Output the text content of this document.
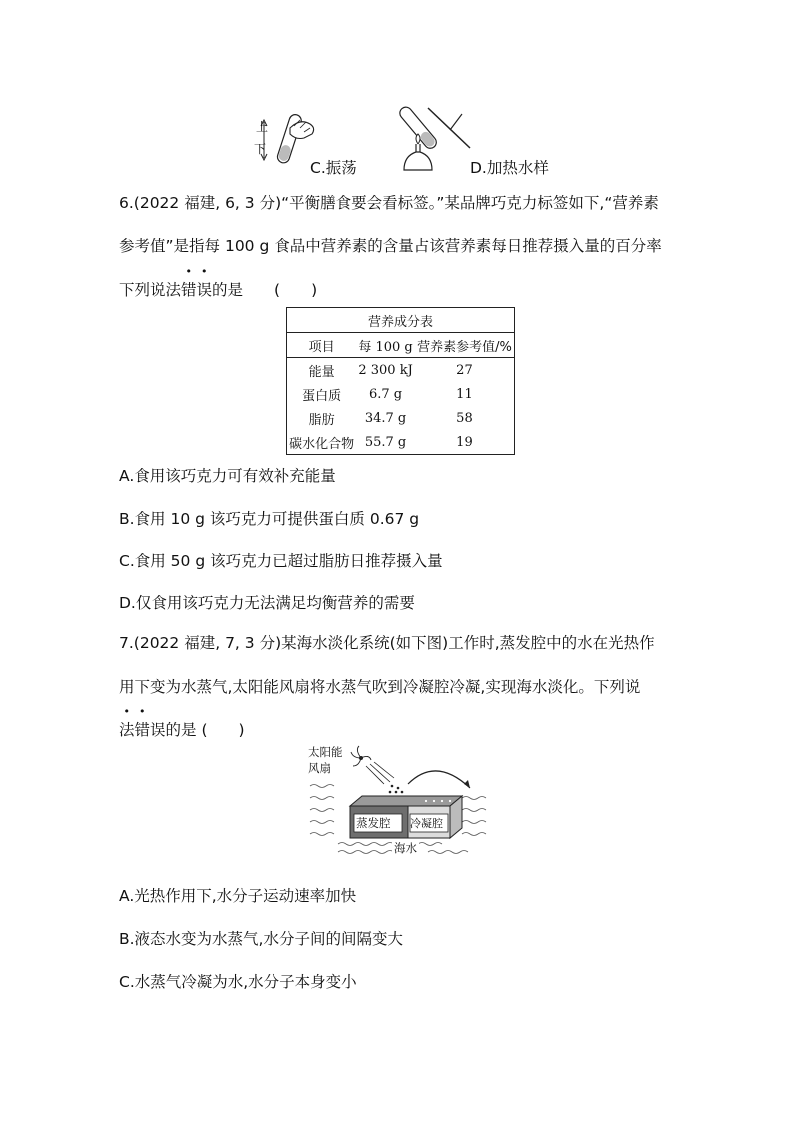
上
下
C.振荡	D.加热水样
6.(2022 福建, 6, 3 分)“平衡膳食要会看标签。”某品牌巧克力标签如下,“营养素
参考值”是指每 100 g 食品中营养素的含量占该营养素每日推荐摄入量的百分率
下列说法错误的是　　(　　)
营养成分表		
项目	每 100 g	营养素参考值/%
能量	2 300 kJ	27
蛋白质	6.7 g	11
脂肪	34.7 g	58
碳水化合物	55.7 g	19
A.食用该巧克力可有效补充能量
B.食用 10 g 该巧克力可提供蛋白质 0.67 g
C.食用 50 g 该巧克力已超过脂肪日推荐摄入量
D.仅食用该巧克力无法满足均衡营养的需要
7.(2022 福建, 7, 3 分)某海水淡化系统(如下图)工作时,蒸发腔中的水在光热作
用下变为水蒸气,太阳能风扇将水蒸气吹到冷凝腔冷凝,实现海水淡化。下列说
法错误的是 (　　)
太阳能
风扇
蒸发腔 冷凝腔
海水
A.光热作用下,水分子运动速率加快
B.液态水变为水蒸气,水分子间的间隔变大
C.水蒸气冷凝为水,水分子本身变小
